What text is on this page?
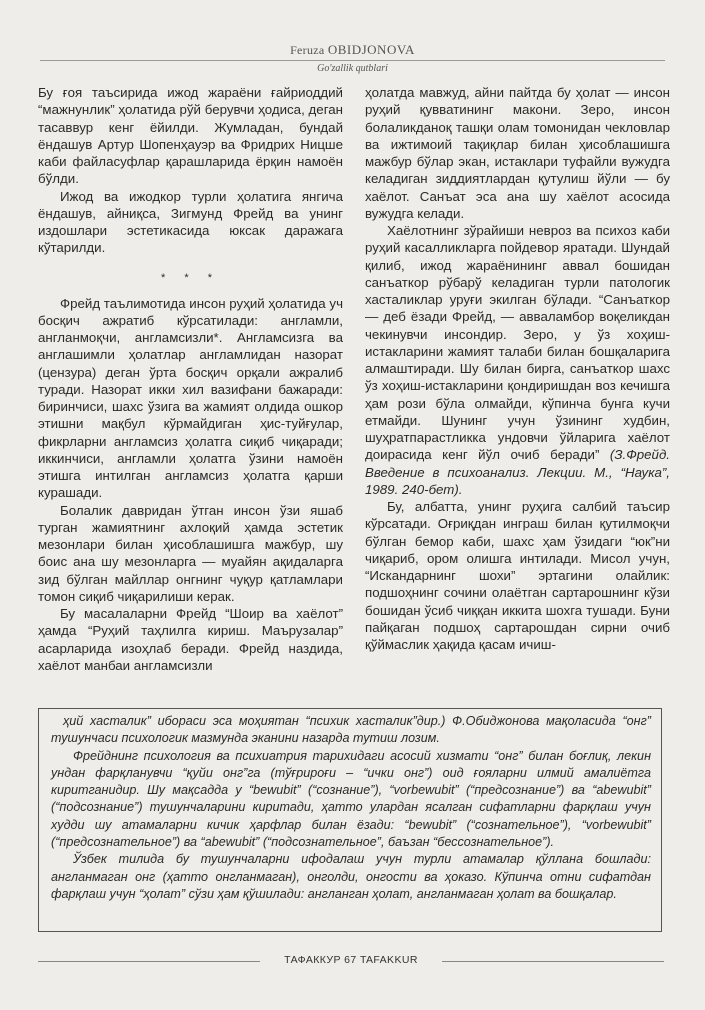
Feruza OBIDJONOVA
Go'zallik qutblari

Бу ғоя таъсирида ижод жараёни ғайриоддий “мажнунлик” ҳолатида рўй берувчи ҳодиса, деган тасаввур кенг ёйилди. Жумладан, бундай ёндашув Артур Шопенҳауэр ва Фридрих Ницше каби файласуфлар қарашларида ёрқин намоён бўлди.

Ижод ва ижодкор турли ҳолатига янгича ёндашув, айниқса, Зигмунд Фрейд ва унинг издошлари эстетикасида юксак даражага кўтарилди.

* * *

Фрейд таълимотида инсон руҳий ҳолатида уч босқич ажратиб кўрсатилади: англамли, англанмоқчи, англамсизли*. Англамсизга ва англашимли ҳолатлар англамлидан назорат (цензура) деган ўрта босқич орқали ажралиб туради. Назорат икки хил вазифани бажаради: биринчиси, шахс ўзига ва жамият олдида ошкор этишни мақбул кўрмайдиган ҳис-туйғулар, фикрларни англамсиз ҳолатга сиқиб чиқаради; иккинчиси, англамли ҳолатга ўзини намоён этишга интилган англамсиз ҳолатга қарши курашади.

Болалик давридан ўтган инсон ўзи яшаб турган жамиятнинг ахлоқий ҳамда эстетик мезонлари билан ҳисоблашишга мажбур, шу боис ана шу мезонларга — муайян ақидаларга зид бўлган майллар онгнинг чуқур қатламлари томон сиқиб чиқарилиши керак.

Бу масалаларни Фрейд “Шоир ва хаёлот” ҳамда “Руҳий таҳлилга кириш. Маърузалар” асарларида изоҳлаб беради. Фрейд наздида, хаёлот манбаи англамсизли

ҳолатда мавжуд, айни пайтда бу ҳолат — инсон руҳий қувватининг макони. Зеро, инсон болаликданоқ ташқи олам томонидан чекловлар ва ижтимоий тақиқлар билан ҳисоблашишга мажбур бўлар экан, истаклари туфайли вужудга келадиган зиддиятлардан қутулиш йўли — бу хаёлот. Санъат эса ана шу хаёлот асосида вужудга келади.

Хаёлотнинг зўрайиши невроз ва психоз каби руҳий касалликларга пойдевор яратади. Шундай қилиб, ижод жараёнининг аввал бошидан санъаткор рўбарў келадиган турли патологик хасталиклар уруғи экилган бўлади. “Санъаткор — деб ёзади Фрейд, — авваламбор воқеликдан чекинувчи инсондир. Зеро, у ўз хоҳиш-истакларини жамият талаби билан бошқаларига алмаштиради. Шу билан бирга, санъаткор шахс ўз хоҳиш-истакларини қондиришдан воз кечишга ҳам рози бўла олмайди, кўпинча бунга кучи етмайди. Шунинг учун ўзининг худбин, шуҳратпарастликка ундовчи ўйларига хаёлот доирасида кенг йўл очиб беради” (З.Фрейд. Введение в психоанализ. Лекции. М., “Наука”, 1989. 240-бет).

Бу, албатта, унинг руҳига салбий таъсир кўрсатади. Оғриқдан инграш билан қутилмоқчи бўлган бемор каби, шахс ҳам ўзидаги “юк”ни чиқариб, ором олишга интилади. Мисол учун, “Искандарнинг шохи” эртагини олайлик: подшоҳнинг сочини олаётган сартарошнинг кўзи бошидан ўсиб чиққан иккита шохга тушади. Буни пайқаган подшоҳ сартарошдан сирни очиб қўймаслик ҳақида қасам ичиш-

ҳий хасталик” ибораси эса моҳиятан “психик хасталик”дир.) Ф.Обиджонова мақоласида “онг” тушунчаси психологик мазмунда эканини назарда тутиш лозим.

Фрейднинг психология ва психиатрия тарихидаги асосий хизмати “онг” билан боғлиқ, лекин ундан фарқланувчи “қуйи онг”га (тўғрироғи – “ички онг”) оид ғояларни илмий амалиётга киритганидир. Шу мақсадда у “bewubit” (“сознание”), “vorbewubit” (“предсознание”) ва “abewubit” (“подсознание”) тушунчаларини киритади, ҳатто улардан ясалган сифатларни фарқлаш учун худди шу атамаларни кичик ҳарфлар билан ёзади: “bewubit” (“сознательное”), “vorbewubit” (“предсознательное”) ва “abewubit” (“подсознательное”, баъзан “бессознательное”).

Ўзбек тилида бу тушунчаларни ифодалаш учун турли атамалар қўллана бошлади: англанмаган онг (ҳатто онгланмаган), онголди, онгости ва ҳоказо. Кўпинча отни сифатдан фарқлаш учун “ҳолат” сўзи ҳам қўшилади: англанган ҳолат, англанмаган ҳолат ва бошқалар.

ТАФАККУР 67 TAFAKKUR
